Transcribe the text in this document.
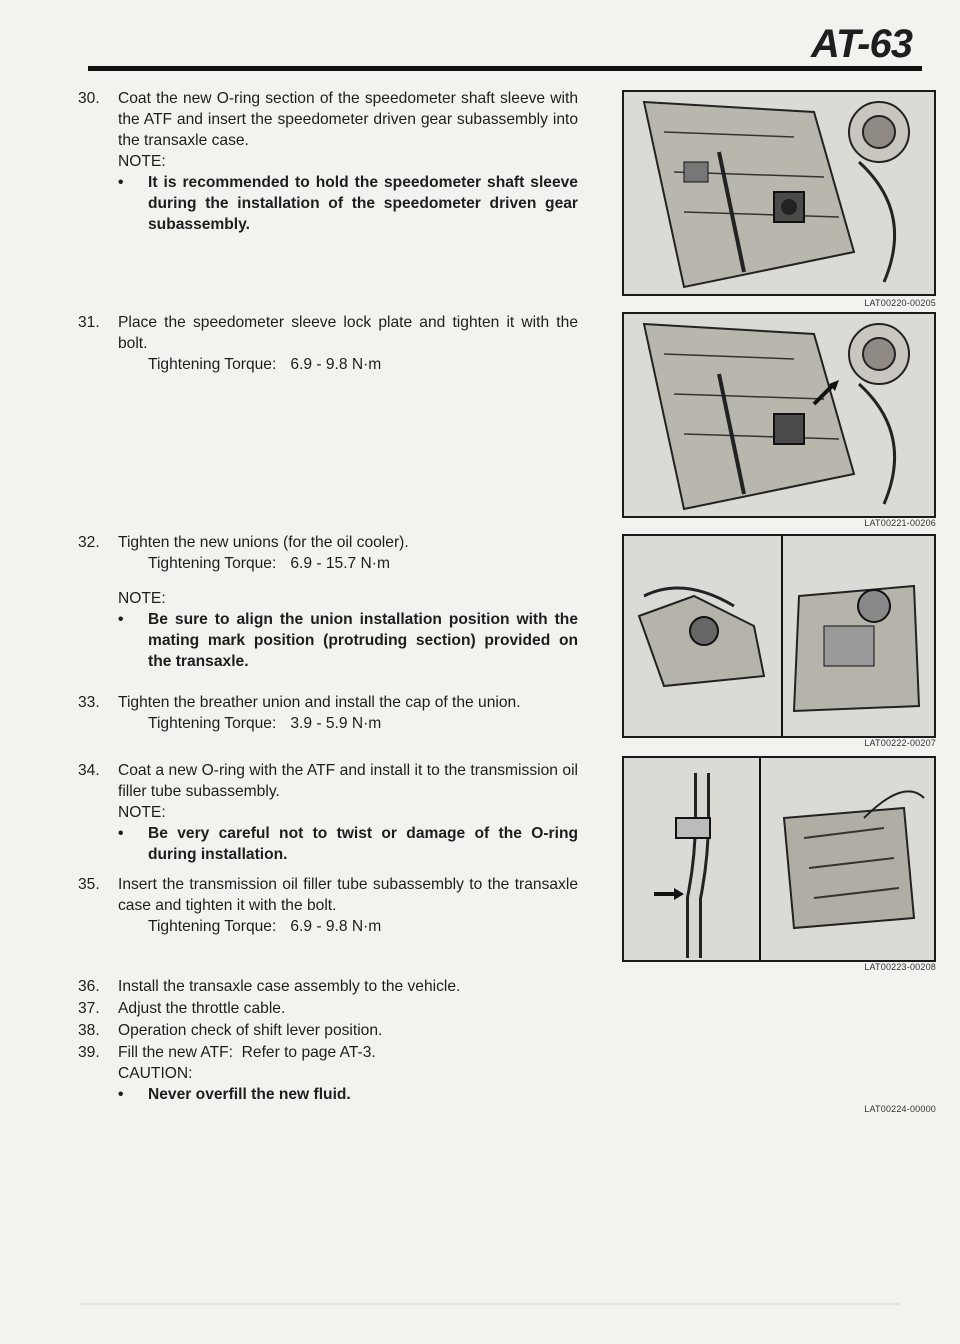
AT-63
30.	Coat the new O-ring section of the speedometer shaft sleeve with the ATF and insert the speedometer driven gear subassembly into the transaxle case.
NOTE:
• It is recommended to hold the speedometer shaft sleeve during the installation of the speedometer driven gear subassembly.
31.	Place the speedometer sleeve lock plate and tighten it with the bolt.
Tightening Torque: 6.9 - 9.8 N·m
32.	Tighten the new unions (for the oil cooler).
Tightening Torque: 6.9 - 15.7 N·m
NOTE:
• Be sure to align the union installation position with the mating mark position (protruding section) provided on the transaxle.
33.	Tighten the breather union and install the cap of the union.
Tightening Torque: 3.9 - 5.9 N·m
34.	Coat a new O-ring with the ATF and install it to the transmission oil filler tube subassembly.
NOTE:
• Be very careful not to twist or damage of the O-ring during installation.
35.	Insert the transmission oil filler tube subassembly to the transaxle case and tighten it with the bolt.
Tightening Torque: 6.9 - 9.8 N·m
36.	Install the transaxle case assembly to the vehicle.
37.	Adjust the throttle cable.
38.	Operation check of shift lever position.
39.	Fill the new ATF: Refer to page AT-3.
CAUTION:
• Never overfill the new fluid.
LAT00220-00205
LAT00221-00206
LAT00222-00207
LAT00223-00208
LAT00224-00000
